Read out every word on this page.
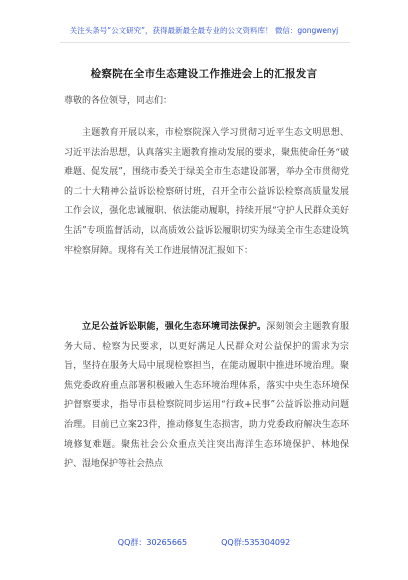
关注头条号“公文研究”，获得最新最全最专业的公文资料库！ 微信：gongwenyj
检察院在全市生态建设工作推进会上的汇报发言
尊敬的各位领导，同志们：
主题教育开展以来，市检察院深入学习贯彻习近平生态文明思想、习近平法治思想，认真落实主题教育推动发展的要求，聚焦使命任务“破难题、促发展”，围绕市委关于绿美全市生态建设部署，举办全市贯彻党的二十大精神公益诉讼检察研讨班，召开全市公益诉讼检察高质量发展工作会议，强化忠诚履职、依法能动履职，持续开展“守护人民群众美好生活”专项监督活动，以高质效公益诉讼履职切实为绿美全市生态建设筑牢检察屏障。现将有关工作进展情况汇报如下：
立足公益诉讼职能，强化生态环境司法保护。深刻领会主题教育服务大局、检察为民要求，以更好满足人民群众对公益保护的需求为宗旨，坚持在服务大局中展现检察担当，在能动履职中推进环境治理。聚焦党委政府重点部署积极融入生态环境治理体系，落实中央生态环境保护督察要求，指导市县检察院同步运用“行政+民事”公益诉讼推动问题治理。目前已立案23件，推动修复生态损害，助力党委政府解决生态环境修复难题。聚焦社会公众重点关注突出海洋生态环境保护、林地保护、湿地保护等社会热点
QQ群：30265665	QQ群:535304092
